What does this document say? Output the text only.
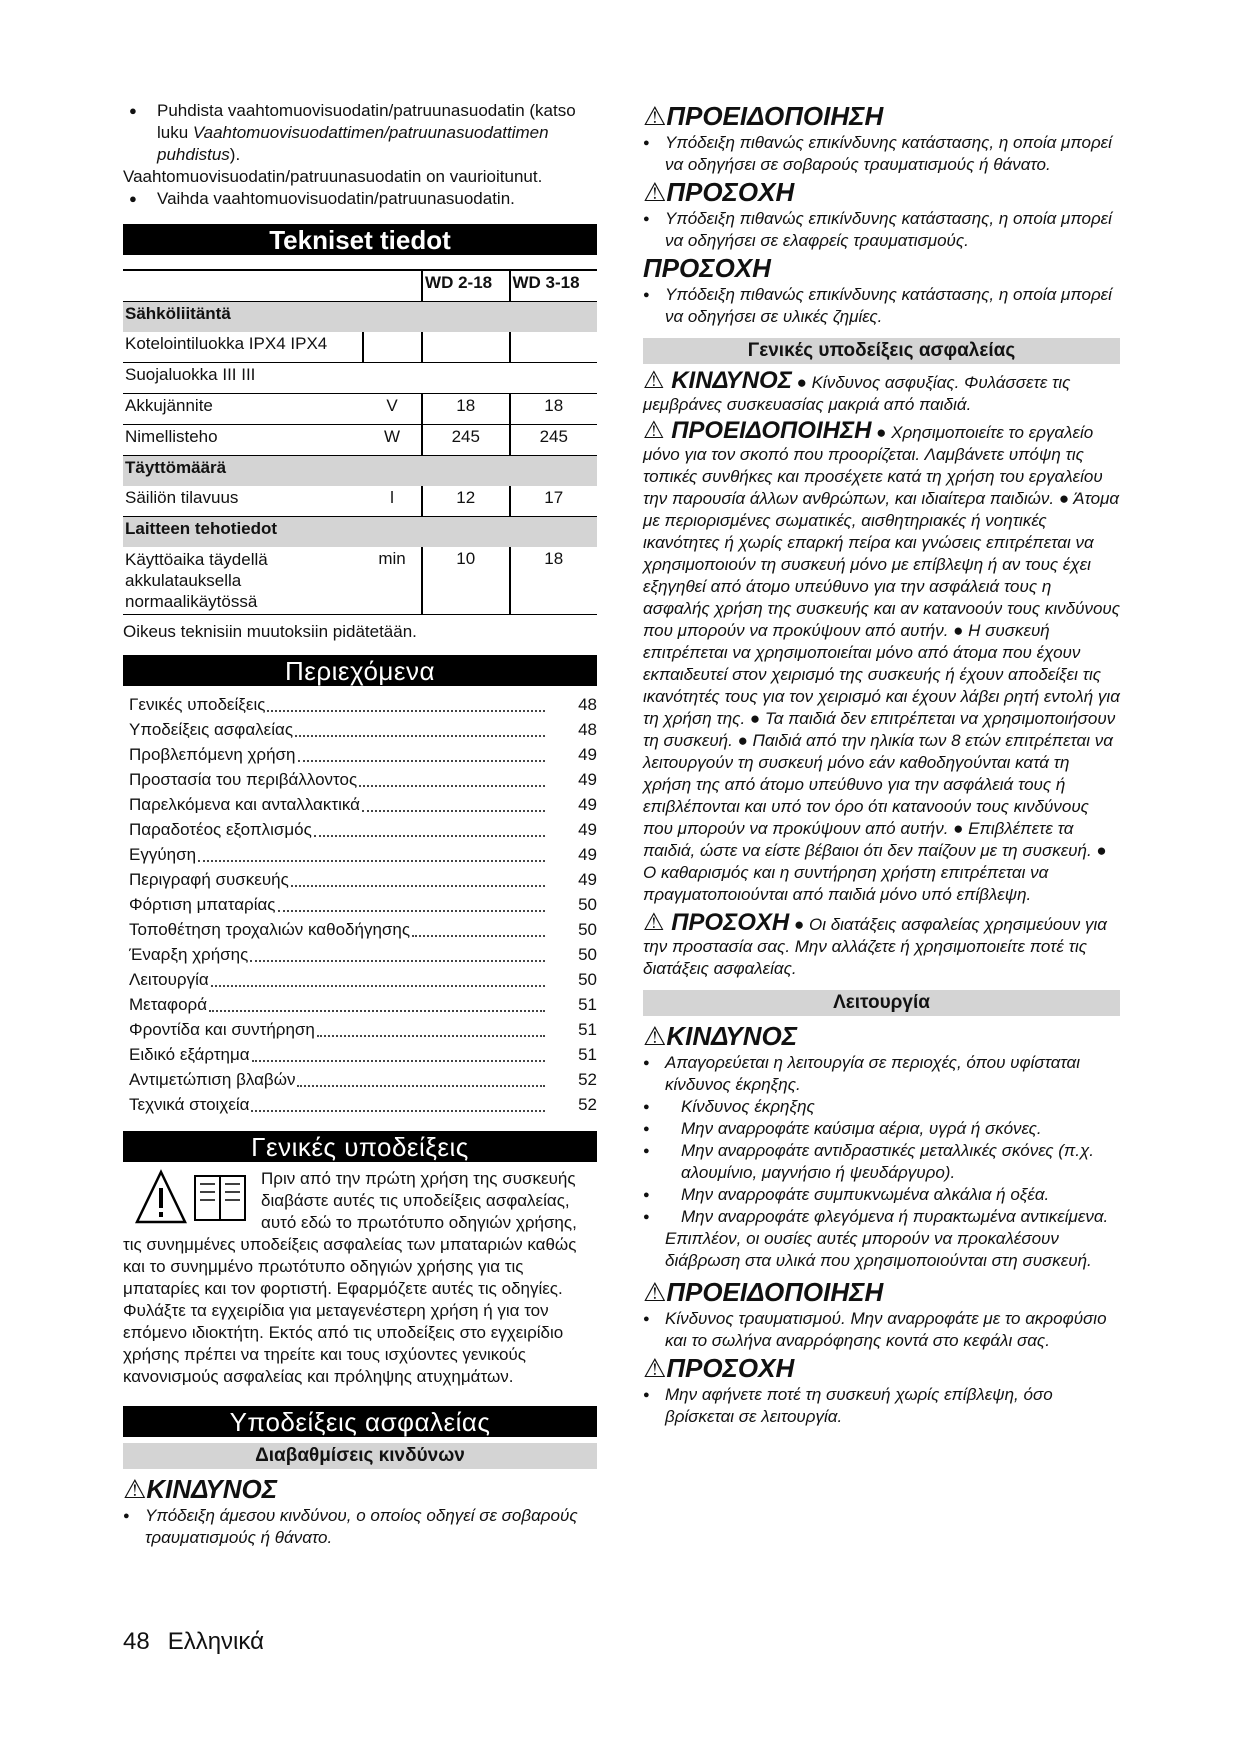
● Puhdista vaahtomuovisuodatin/patruunasuodatin (katso luku Vaahtomuovisuodattimen/patruunasuodattimen puhdistus).

Vaahtomuovisuodatin/patruunasuodatin on vaurioitunut.

● Vaihda vaahtomuovisuodatin/patruunasuodatin.

Tekniset tiedot
		WD 2-18	WD 3-18
Sähköliitäntä			
Kotelointiluokka IPX4 IPX4			
Suojaluokka III III			
Akkujännite	V	18	18
Nimellisteho	W	245	245
Täyttömäärä			
Säiliön tilavuus	l	12	17
Laitteen tehotiedot			
Käyttöaika täydellä akkulatauksella normaalikäytössä	min	10	18

Oikeus teknisiin muutoksiin pidätetään.

Περιεχόμενα
Γενικές υποδείξεις	48
Υποδείξεις ασφαλείας	48
Προβλεπόμενη χρήση	49
Προστασία του περιβάλλοντος	49
Παρελκόμενα και ανταλλακτικά	49
Παραδοτέος εξοπλισμός	49
Εγγύηση	49
Περιγραφή συσκευής	49
Φόρτιση μπαταρίας	50
Τοποθέτηση τροχαλιών καθοδήγησης	50
Έναρξη χρήσης	50
Λειτουργία	50
Μεταφορά	51
Φροντίδα και συντήρηση	51
Ειδικό εξάρτημα	51
Αντιμετώπιση βλαβών	52
Τεχνικά στοιχεία	52
Γενικές υποδείξεις

Πριν από την πρώτη χρήση της συσκευής διαβάστε αυτές τις υποδείξεις ασφαλείας, αυτό εδώ το πρωτότυπο οδηγιών χρήσης, τις συνημμένες υποδείξεις ασφαλείας των μπαταριών καθώς και το συνημμένο πρωτότυπο οδηγιών χρήσης για τις μπαταρίες και τον φορτιστή. Εφαρμόζετε αυτές τις οδηγίες. Φυλάξτε τα εγχειρίδια για μεταγενέστερη χρήση ή για τον επόμενο ιδιοκτήτη. Εκτός από τις υποδείξεις στο εγχειρίδιο χρήσης πρέπει να τηρείτε και τους ισχύοντες γενικούς κανονισμούς ασφαλείας και πρόληψης ατυχημάτων.

Υποδείξεις ασφαλείας
Διαβαθμίσεις κινδύνων
⚠ΚΙΝΔΥΝΟΣ

● Υπόδειξη άμεσου κινδύνου, ο οποίος οδηγεί σε σοβαρούς τραυματισμούς ή θάνατο.

⚠ΠΡΟΕΙΔΟΠΟΙΗΣΗ

● Υπόδειξη πιθανώς επικίνδυνης κατάστασης, η οποία μπορεί να οδηγήσει σε σοβαρούς τραυματισμούς ή θάνατο.

⚠ΠΡΟΣΟΧΗ

● Υπόδειξη πιθανώς επικίνδυνης κατάστασης, η οποία μπορεί να οδηγήσει σε ελαφρείς τραυματισμούς.

ΠΡΟΣΟΧΗ

● Υπόδειξη πιθανώς επικίνδυνης κατάστασης, η οποία μπορεί να οδηγήσει σε υλικές ζημίες.

Γενικές υποδείξεις ασφαλείας

⚠ ΚΙΝΔΥΝΟΣ ● Κίνδυνος ασφυξίας. Φυλάσσετε τις μεμβράνες συσκευασίας μακριά από παιδιά.

⚠ ΠΡΟΕΙΔΟΠΟΙΗΣΗ ● Χρησιμοποιείτε το εργαλείο μόνο για τον σκοπό που προορίζεται. Λαμβάνετε υπόψη τις τοπικές συνθήκες και προσέχετε κατά τη χρήση του εργαλείου την παρουσία άλλων ανθρώπων, και ιδιαίτερα παιδιών. ● Άτομα με περιορισμένες σωματικές, αισθητηριακές ή νοητικές ικανότητες ή χωρίς επαρκή πείρα και γνώσεις επιτρέπεται να χρησιμοποιούν τη συσκευή μόνο με επίβλεψη ή αν τους έχει εξηγηθεί από άτομο υπεύθυνο για την ασφάλειά τους η ασφαλής χρήση της συσκευής και αν κατανοούν τους κινδύνους που μπορούν να προκύψουν από αυτήν. ● Η συσκευή επιτρέπεται να χρησιμοποιείται μόνο από άτομα που έχουν εκπαιδευτεί στον χειρισμό της συσκευής ή έχουν αποδείξει τις ικανότητές τους για τον χειρισμό και έχουν λάβει ρητή εντολή για τη χρήση της. ● Τα παιδιά δεν επιτρέπεται να χρησιμοποιήσουν τη συσκευή. ● Παιδιά από την ηλικία των 8 ετών επιτρέπεται να λειτουργούν τη συσκευή μόνο εάν καθοδηγούνται κατά τη χρήση της από άτομο υπεύθυνο για την ασφάλειά τους ή επιβλέπονται και υπό τον όρο ότι κατανοούν τους κινδύνους που μπορούν να προκύψουν από αυτήν. ● Επιβλέπετε τα παιδιά, ώστε να είστε βέβαιοι ότι δεν παίζουν με τη συσκευή. ● Ο καθαρισμός και η συντήρηση χρήστη επιτρέπεται να πραγματοποιούνται από παιδιά μόνο υπό επίβλεψη.

⚠ ΠΡΟΣΟΧΗ ● Οι διατάξεις ασφαλείας χρησιμεύουν για την προστασία σας. Μην αλλάζετε ή χρησιμοποιείτε ποτέ τις διατάξεις ασφαλείας.

Λειτουργία
⚠ΚΙΝΔΥΝΟΣ

● Απαγορεύεται η λειτουργία σε περιοχές, όπου υφίσταται κίνδυνος έκρηξης.

● Κίνδυνος έκρηξης

● Μην αναρροφάτε καύσιμα αέρια, υγρά ή σκόνες.

● Μην αναρροφάτε αντιδραστικές μεταλλικές σκόνες (π.χ. αλουμίνιο, μαγνήσιο ή ψευδάργυρο).

● Μην αναρροφάτε συμπυκνωμένα αλκάλια ή οξέα.

● Μην αναρροφάτε φλεγόμενα ή πυρακτωμένα αντικείμενα.

Επιπλέον, οι ουσίες αυτές μπορούν να προκαλέσουν διάβρωση στα υλικά που χρησιμοποιούνται στη συσκευή.

⚠ΠΡΟΕΙΔΟΠΟΙΗΣΗ

● Κίνδυνος τραυματισμού. Μην αναρροφάτε με το ακροφύσιο και το σωλήνα αναρρόφησης κοντά στο κεφάλι σας.

⚠ΠΡΟΣΟΧΗ

● Μην αφήνετε ποτέ τη συσκευή χωρίς επίβλεψη, όσο βρίσκεται σε λειτουργία.

48 Ελληνικά
